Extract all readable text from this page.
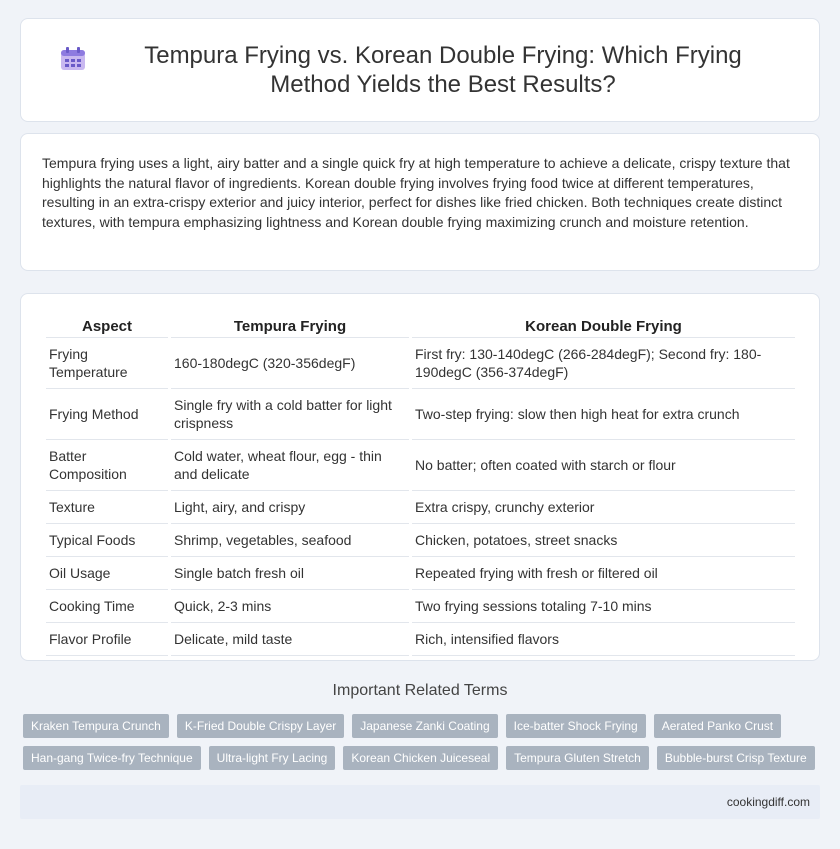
Tempura Frying vs. Korean Double Frying: Which Frying Method Yields the Best Results?

Tempura frying uses a light, airy batter and a single quick fry at high temperature to achieve a delicate, crispy texture that highlights the natural flavor of ingredients. Korean double frying involves frying food twice at different temperatures, resulting in an extra-crispy exterior and juicy interior, perfect for dishes like fried chicken. Both techniques create distinct textures, with tempura emphasizing lightness and Korean double frying maximizing crunch and moisture retention.

Aspect	Tempura Frying	Korean Double Frying
Frying Temperature	160-180degC (320-356degF)	First fry: 130-140degC (266-284degF); Second fry: 180-190degC (356-374degF)
Frying Method	Single fry with a cold batter for light crispness	Two-step frying: slow then high heat for extra crunch
Batter Composition	Cold water, wheat flour, egg - thin and delicate	No batter; often coated with starch or flour
Texture	Light, airy, and crispy	Extra crispy, crunchy exterior
Typical Foods	Shrimp, vegetables, seafood	Chicken, potatoes, street snacks
Oil Usage	Single batch fresh oil	Repeated frying with fresh or filtered oil
Cooking Time	Quick, 2-3 mins	Two frying sessions totaling 7-10 mins
Flavor Profile	Delicate, mild taste	Rich, intensified flavors
Important Related Terms
Kraken Tempura Crunch	K-Fried Double Crispy Layer	Japanese Zanki Coating	Ice-batter Shock Frying	Aerated Panko Crust
Han-gang Twice-fry Technique	Ultra-light Fry Lacing	Korean Chicken Juiceseal	Tempura Gluten Stretch	Bubble-burst Crisp Texture
cookingdiff.com
